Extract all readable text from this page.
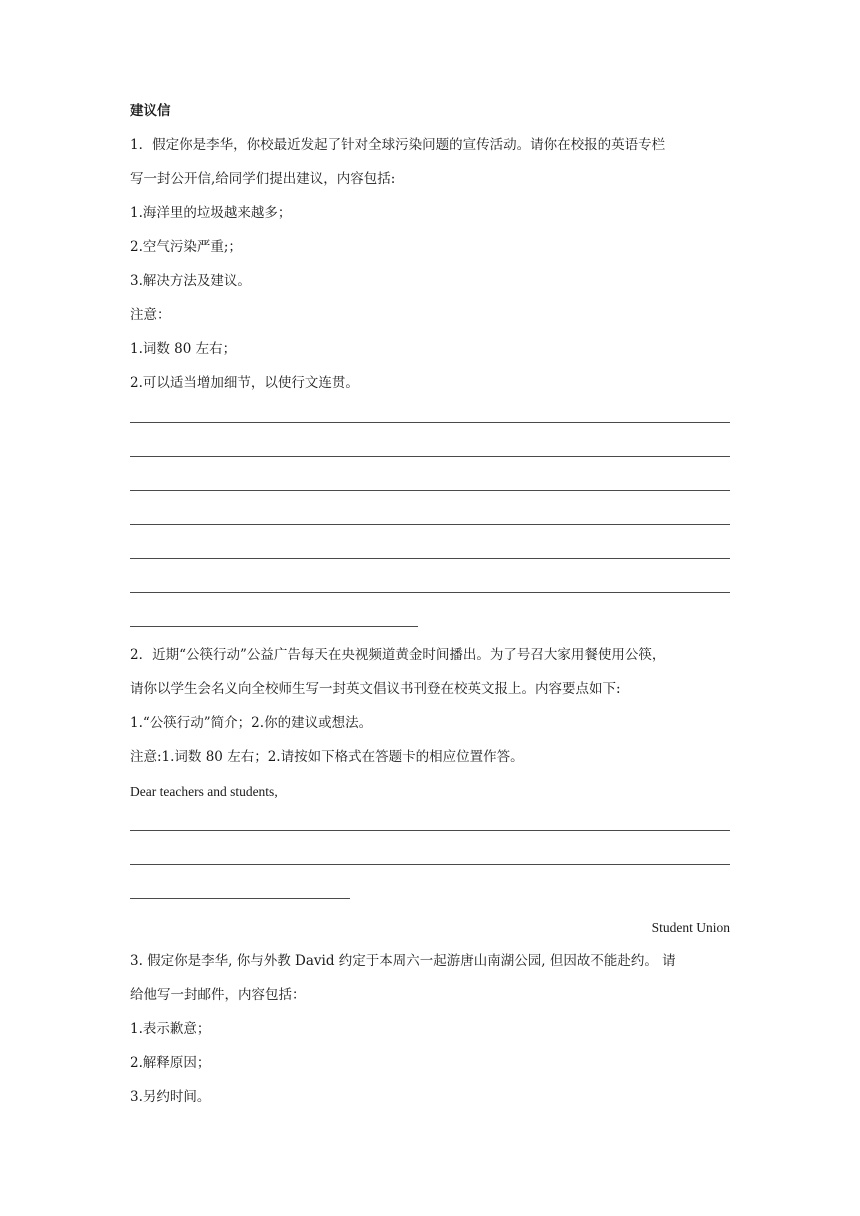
建议信
1．假定你是李华，你校最近发起了针对全球污染问题的宣传活动。请你在校报的英语专栏
写一封公开信,给同学们提出建议，内容包括:
1.海洋里的垃圾越来越多；
2.空气污染严重;；
3.解决方法及建议。
注意：
1.词数 80 左右；
2.可以适当增加细节，以使行文连贯。
2．近期“公筷行动”公益广告每天在央视频道黄金时间播出。为了号召大家用餐使用公筷，
请你以学生会名义向全校师生写一封英文倡议书刊登在校英文报上。内容要点如下:
1.“公筷行动”简介；2.你的建议或想法。
注意:1.词数 80 左右；2.请按如下格式在答题卡的相应位置作答。
Dear teachers and students,
Student Union
3. 假定你是李华, 你与外教 David 约定于本周六一起游唐山南湖公园, 但因故不能赴约。 请
给他写一封邮件，内容包括：
1.表示歉意；
2.解释原因；
3.另约时间。
